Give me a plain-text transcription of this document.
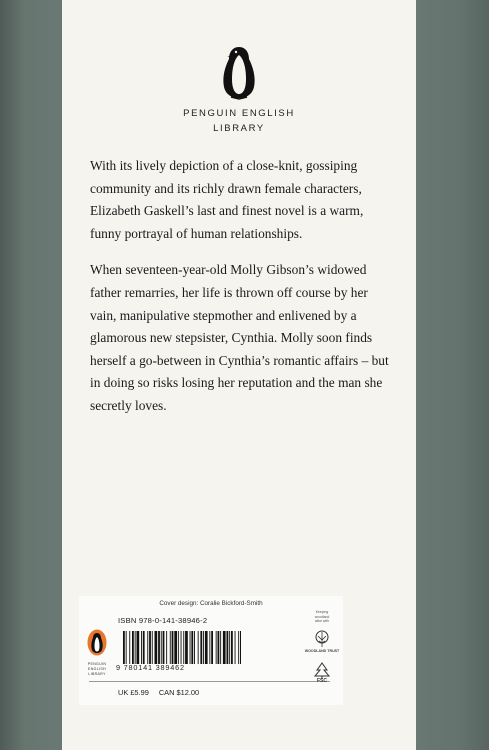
PENGUIN ENGLISH
LIBRARY

With its lively depiction of a close-knit, gossiping community and its richly drawn female characters, Elizabeth Gaskell’s last and finest novel is a warm, funny portrayal of human relationships.

When seventeen-year-old Molly Gibson’s widowed father remarries, her life is thrown off course by her vain, manipulative stepmother and enlivened by a glamorous new stepsister, Cynthia. Molly soon finds herself a go-between in Cynthia’s romantic affairs – but in doing so risks losing her reputation and the man she secretly loves.

Cover design: Coralie Bickford-Smith
PENGUIN
ENGLISH
LIBRARY
ISBN 978-0-141-38946-2
9 780141 389462
UK £5.99 CAN $12.00
Keeping
woodland
alive with
WOODLAND TRUST
FSC
